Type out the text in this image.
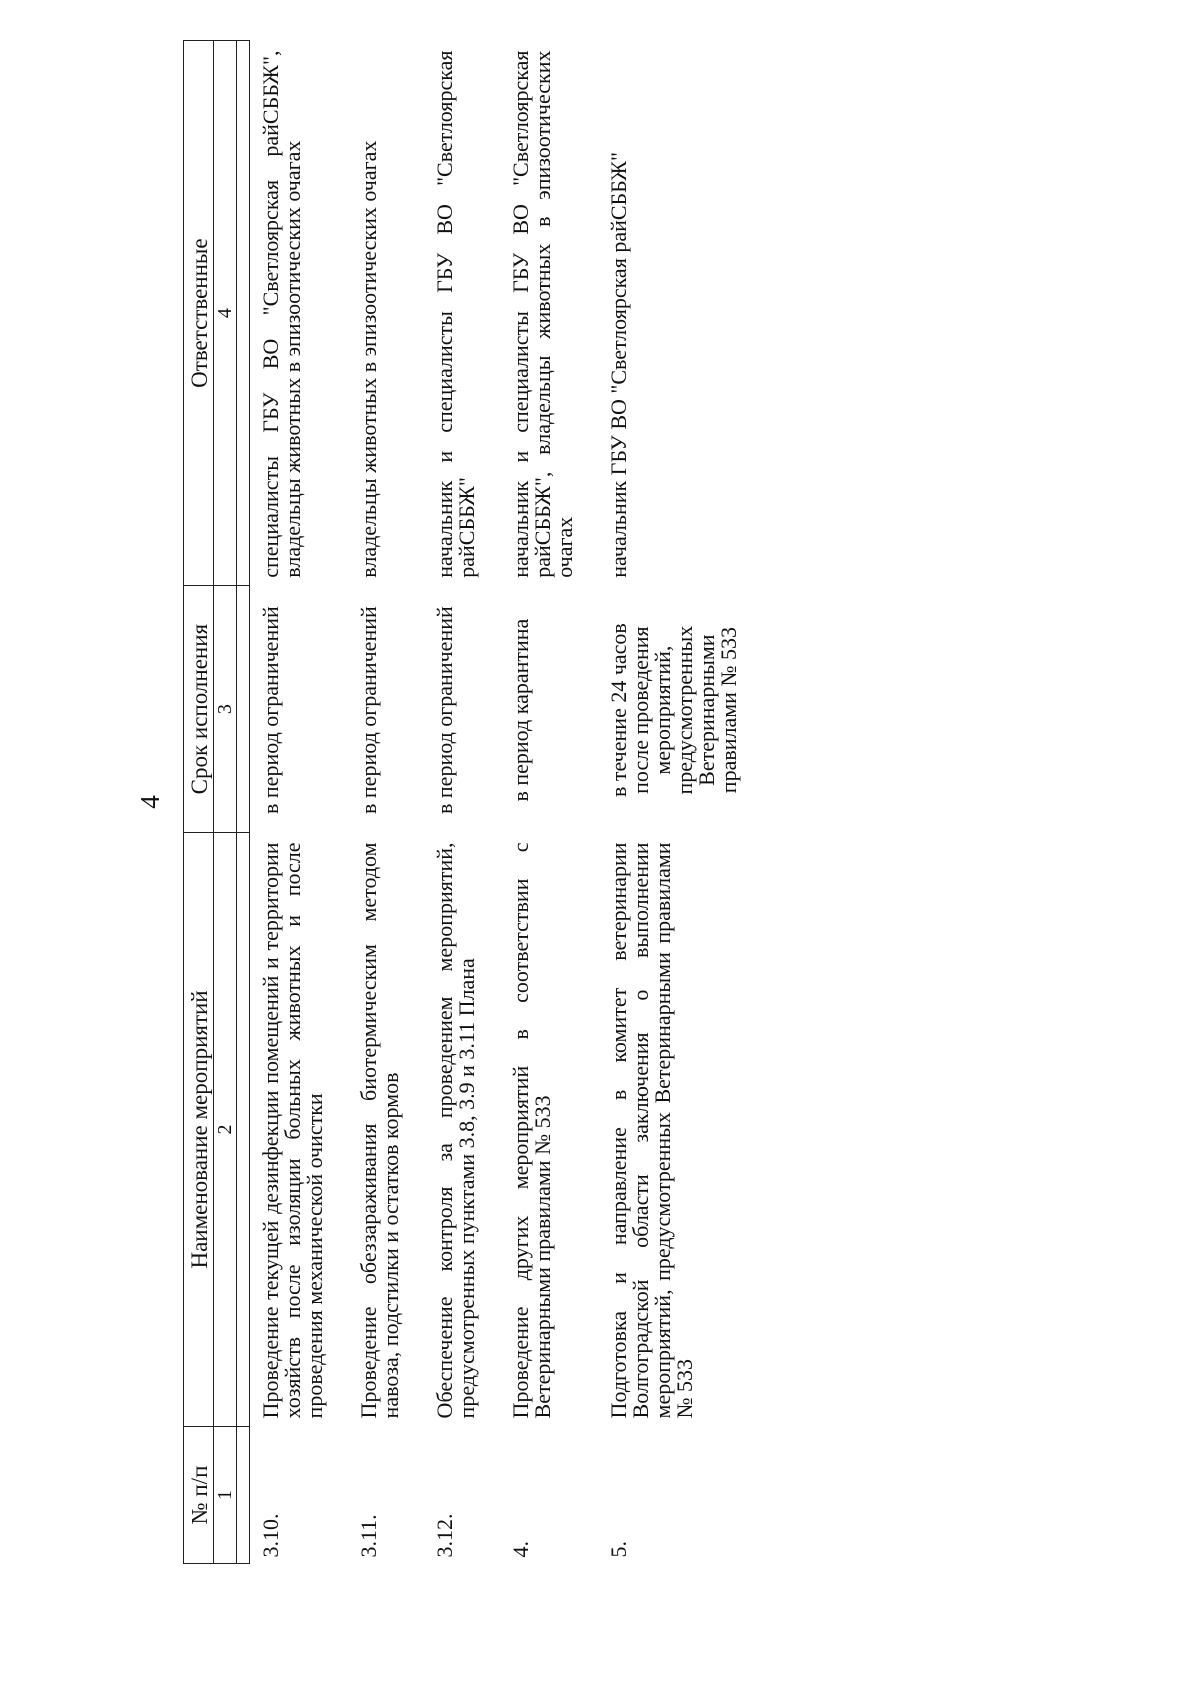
4
№ п/п	Наименование мероприятий	Срок исполнения	Ответственные
1	2	3	4

3.10.	Проведение текущей дезинфекции помещений и территории хозяйств после изоляции больных животных и после проведения механической очистки	в период ограничений	специалисты ГБУ ВО "Светлоярская райСББЖ", владельцы животных в эпизоотических очагах

3.11.	Проведение обеззараживания биотермическим методом навоза, подстилки и остатков кормов	в период ограничений	владельцы животных в эпизоотических очагах

3.12.	Обеспечение контроля за проведением мероприятий, предусмотренных пунктами 3.8, 3.9 и 3.11 Плана	в период ограничений	начальник и специалисты ГБУ ВО "Светлоярская райСББЖ"

4.	Проведение других мероприятий в соответствии с Ветеринарными правилами № 533	в период карантина	начальник и специалисты ГБУ ВО "Светлоярская райСББЖ", владельцы животных в эпизоотических очагах

5.	Подготовка и направление в комитет ветеринарии Волгоградской области заключения о выполнении мероприятий, предусмотренных Ветеринарными правилами № 533	в течение 24 часов после проведения мероприятий, предусмотренных Ветеринарными правилами № 533	начальник ГБУ ВО "Светлоярская райСББЖ"
